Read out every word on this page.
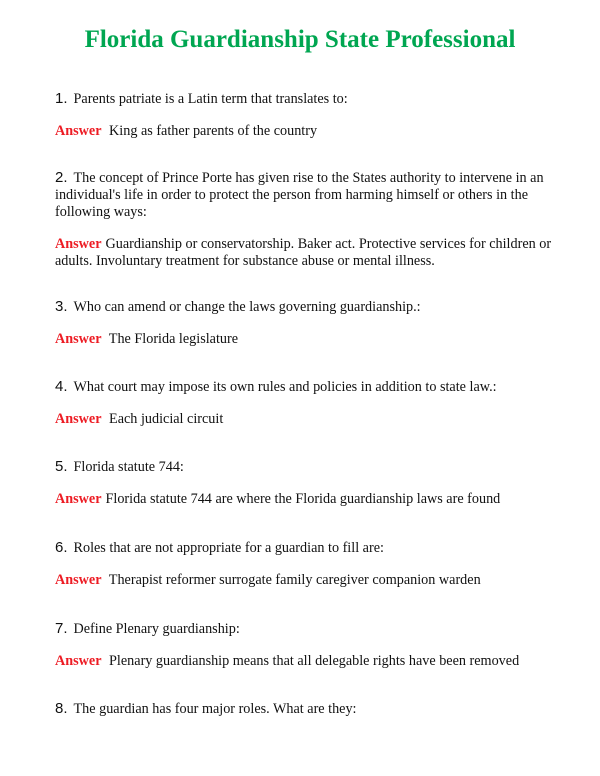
Florida Guardianship State Professional

1. Parents patriate is a Latin term that translates to:

Answer King as father parents of the country

2. The concept of Prince Porte has given rise to the States authority to intervene in an individual's life in order to protect the person from harming himself or others in the following ways:

Answer Guardianship or conservatorship. Baker act. Protective services for children or adults. Involuntary treatment for substance abuse or mental illness.

3. Who can amend or change the laws governing guardianship.:

Answer The Florida legislature

4. What court may impose its own rules and policies in addition to state law.:

Answer Each judicial circuit

5. Florida statute 744:

Answer Florida statute 744 are where the Florida guardianship laws are found

6. Roles that are not appropriate for a guardian to fill are:

Answer Therapist reformer surrogate family caregiver companion warden

7. Define Plenary guardianship:

Answer Plenary guardianship means that all delegable rights have been removed

8. The guardian has four major roles. What are they:
